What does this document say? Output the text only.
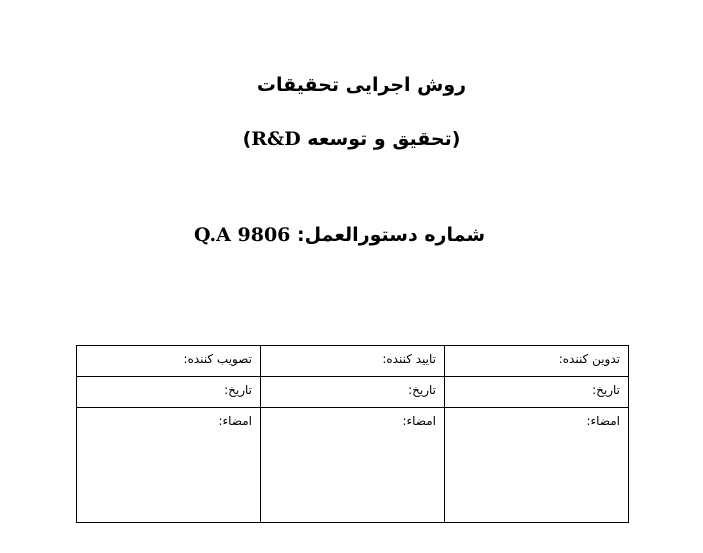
روش اجرایی تحقیقات
(تحقیق و توسعه R&D)
شماره دستورالعمل: Q.A 9806
تدوین کننده:	تایید کننده:	تصویب کننده:
تاریخ:	تاریخ:	تاریخ:
امضاء:	امضاء:	امضاء:
